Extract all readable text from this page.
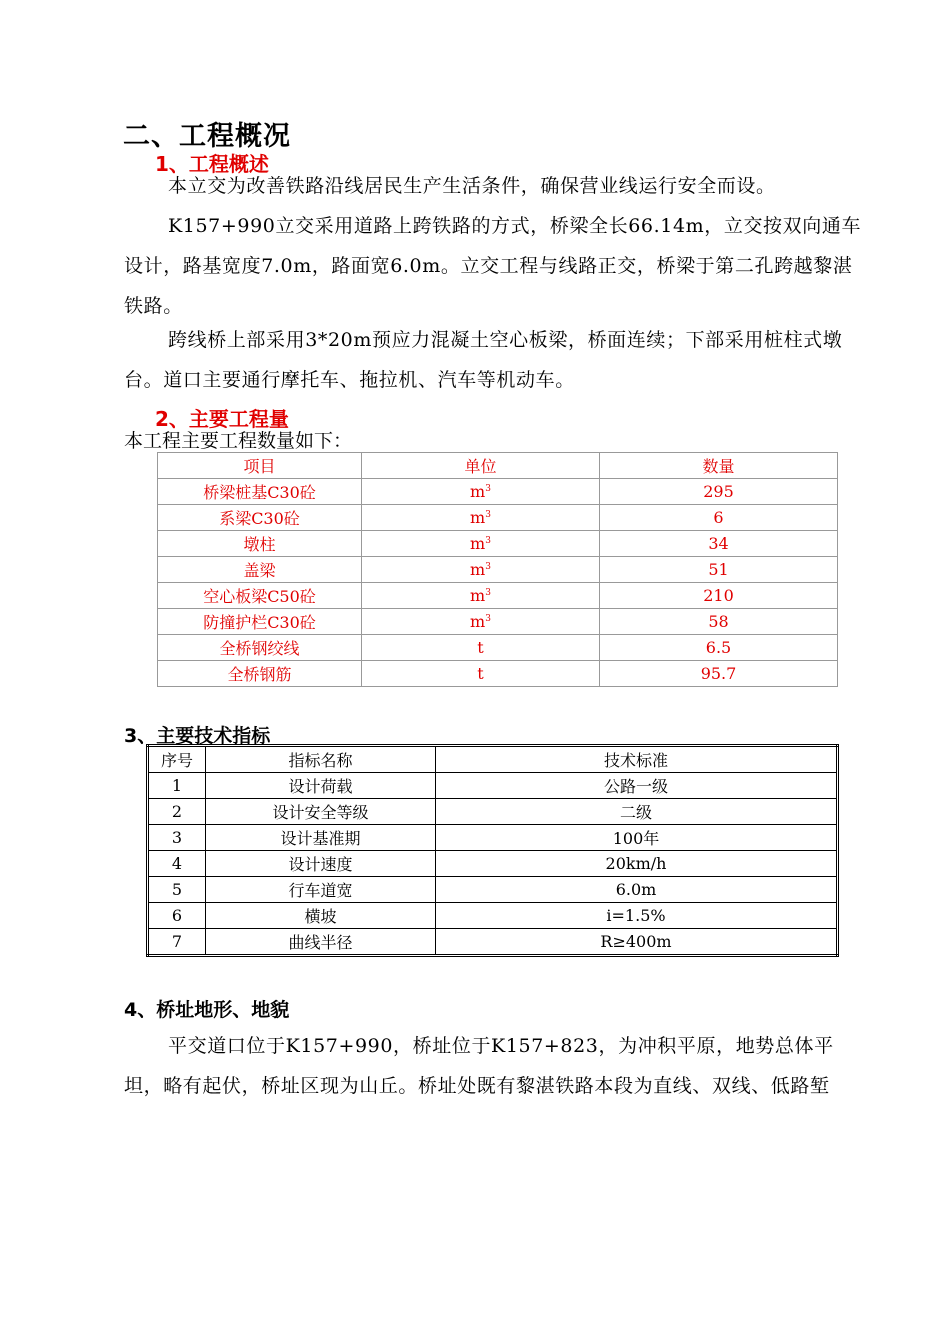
二、工程概况
1、工程概述

本立交为改善铁路沿线居民生产生活条件，确保营业线运行安全而设。

K157+990立交采用道路上跨铁路的方式，桥梁全长66.14m，立交按双向通车设计，路基宽度7.0m，路面宽6.0m。立交工程与线路正交，桥梁于第二孔跨越黎湛铁路。

跨线桥上部采用3*20m预应力混凝土空心板梁，桥面连续；下部采用桩柱式墩台。道口主要通行摩托车、拖拉机、汽车等机动车。

2、主要工程量
本工程主要工程数量如下：
项目	单位	数量
桥梁桩基C30砼	$m^3$	295
系梁C30砼	$m^3$	6
墩柱	$m^3$	34
盖梁	$m^3$	51
空心板梁C50砼	$m^3$	210
防撞护栏C30砼	$m^3$	58
全桥钢绞线	t	6.5
全桥钢筋	t	95.7
3、主要技术指标
序号	指标名称	技术标准
1	设计荷载	公路一级
2	设计安全等级	二级
3	设计基准期	100年
4	设计速度	20km/h
5	行车道宽	6.0m
6	横坡	i=1.5%
7	曲线半径	R≥400m
4、桥址地形、地貌

平交道口位于K157+990，桥址位于K157+823，为冲积平原，地势总体平坦，略有起伏，桥址区现为山丘。桥址处既有黎湛铁路本段为直线、双线、低路堑
